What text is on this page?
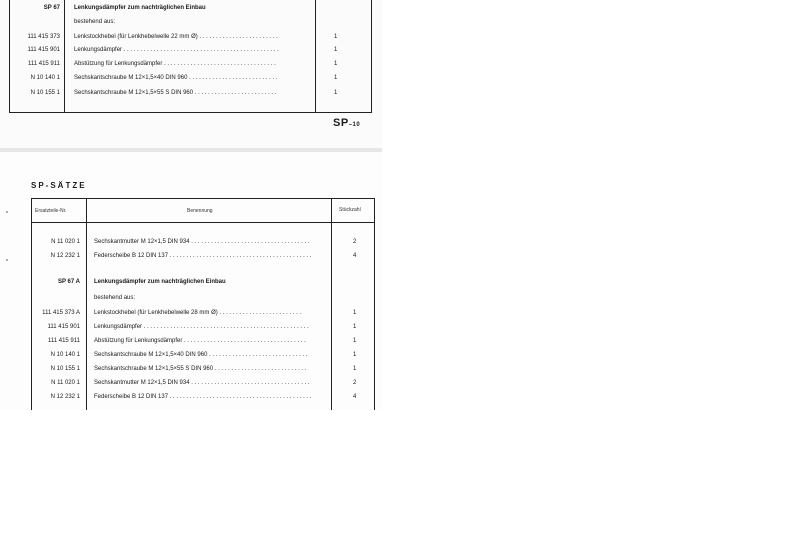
SP 67 Lenkungsdämpfer zum nachträglichen Einbau
bestehend aus:
111 415 373 Lenkstockhebel (für Lenkhebelwelle 22 mm Ø) . . . . . . . . . . . . . . . . . . . . . . . .	1
111 415 901 Lenkungsdämpfer . . . . . . . . . . . . . . . . . . . . . . . . . . . . . . . . . . . . . . . . . . . . . . .	1
111 415 911 Abstützung für Lenkungsdämpfer . . . . . . . . . . . . . . . . . . . . . . . . . . . . . . . . . .	1
N 10 140 1 Sechskantschraube M 12×1,5×40 DIN 960 . . . . . . . . . . . . . . . . . . . . . . . . . . .	1
N 10 155 1 Sechskantschraube M 12×1,5×55 S DIN 960 . . . . . . . . . . . . . . . . . . . . . . . . .	1
SP–10
SP-SÄTZE
Ersatzteile-Nr.	Benennung	Stückzahl
N 11 020 1 Sechskantmutter M 12×1,5 DIN 934 . . . . . . . . . . . . . . . . . . . . . . . . . . . . . . . . . . . .	2
N 12 232 1 Federscheibe B 12 DIN 137 . . . . . . . . . . . . . . . . . . . . . . . . . . . . . . . . . . . . . . . . . . .	4
SP 67 A Lenkungsdämpfer zum nachträglichen Einbau
bestehend aus:
111 415 373 A Lenkstockhebel (für Lenkhebelwelle 28 mm Ø) . . . . . . . . . . . . . . . . . . . . . . . . .	1
111 415 901 Lenkungsdämpfer . . . . . . . . . . . . . . . . . . . . . . . . . . . . . . . . . . . . . . . . . . . . . . . . . .	1
111 415 911 Abstützung für Lenkungsdämpfer . . . . . . . . . . . . . . . . . . . . . . . . . . . . . . . . . . . . .	1
N 10 140 1 Sechskantschraube M 12×1,5×40 DIN 960 . . . . . . . . . . . . . . . . . . . . . . . . . . . . . .	1
N 10 155 1 Sechskantschraube M 12×1,5×55 S DIN 960 . . . . . . . . . . . . . . . . . . . . . . . . . . . .	1
N 11 020 1 Sechskantmutter M 12×1,5 DIN 934 . . . . . . . . . . . . . . . . . . . . . . . . . . . . . . . . . . . .	2
N 12 232 1 Federscheibe B 12 DIN 137 . . . . . . . . . . . . . . . . . . . . . . . . . . . . . . . . . . . . . . . . . . .	4
